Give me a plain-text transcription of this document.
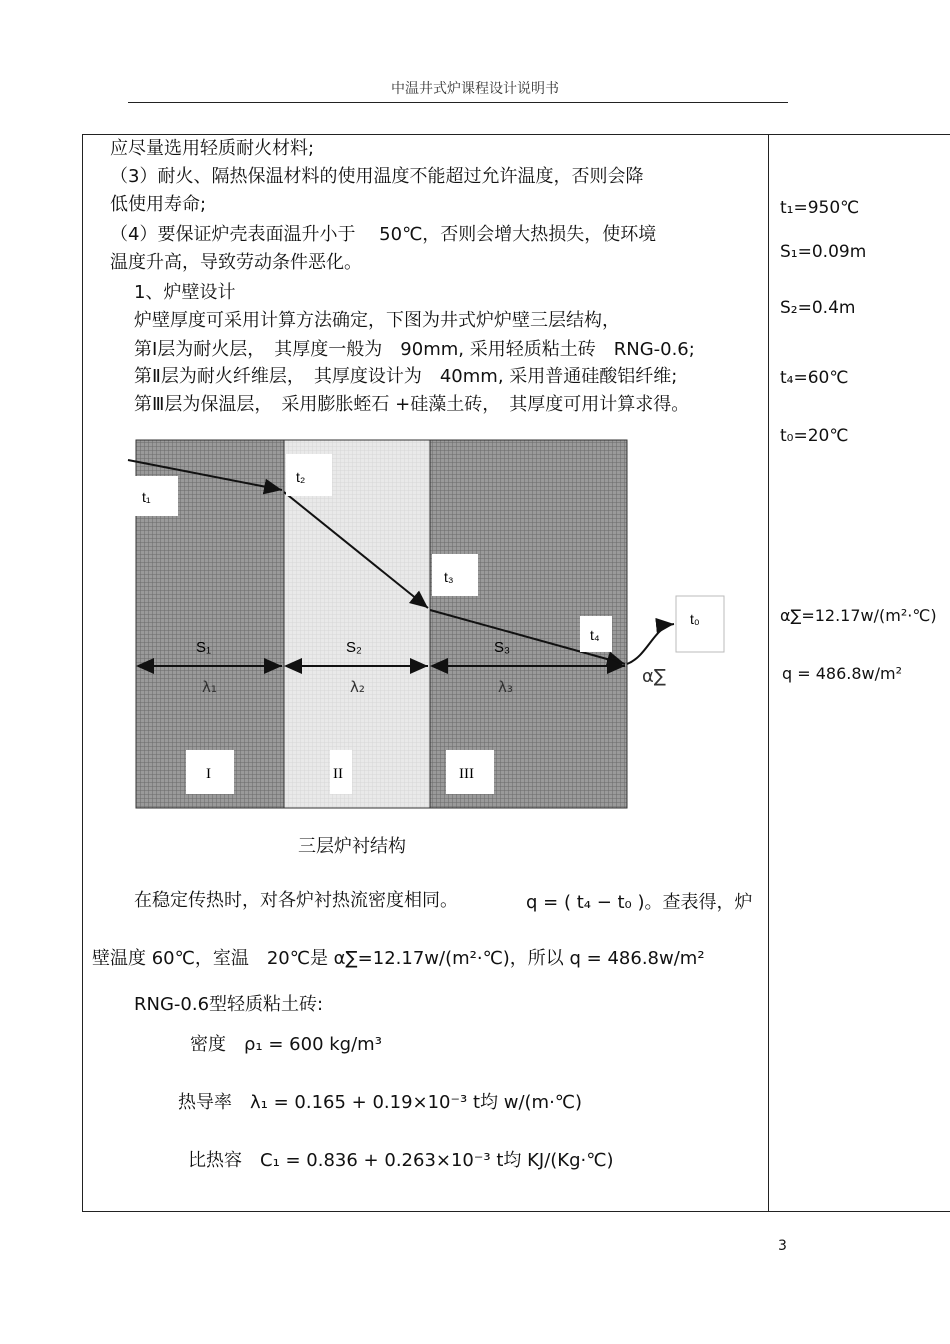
中温井式炉课程设计说明书
应尽量选用轻质耐火材料;
（3）耐火、隔热保温材料的使用温度不能超过允许温度，否则会降
低使用寿命;
（4）要保证炉壳表面温升小于　 50℃，否则会增大热损失，使环境
温度升高，导致劳动条件恶化。
1、炉壁设计
炉壁厚度可采用计算方法确定，下图为井式炉炉壁三层结构，
第Ⅰ层为耐火层，　其厚度一般为　90mm, 采用轻质粘土砖　RNG-0.6;
第Ⅱ层为耐火纤维层，　其厚度设计为　40mm, 采用普通硅酸铝纤维;
第Ⅲ层为保温层，　采用膨胀蛭石 +硅藻土砖，　其厚度可用计算求得。
t₁
t₂
t₃
t₄
t₀
S₁	S₂	S₃
λ₁	λ₂	λ₃	α∑
I	II	III
三层炉衬结构
在稳定传热时，对各炉衬热流密度相同。	q = ( t₄ − t₀ )。查表得，炉
壁温度 60℃，室温　20℃是 α∑=12.17w/(m²·℃)，所以 q = 486.8w/m²
RNG-0.6型轻质粘土砖:
密度　ρ₁ = 600 kg/m³
热导率　λ₁ = 0.165 + 0.19×10⁻³ t均 w/(m·℃)
比热容　C₁ = 0.836 + 0.263×10⁻³ t均 KJ/(Kg·℃)
t₁=950℃
S₁=0.09m
S₂=0.4m
t₄=60℃
t₀=20℃
α∑=12.17w/(m²·℃)
q = 486.8w/m²
3
